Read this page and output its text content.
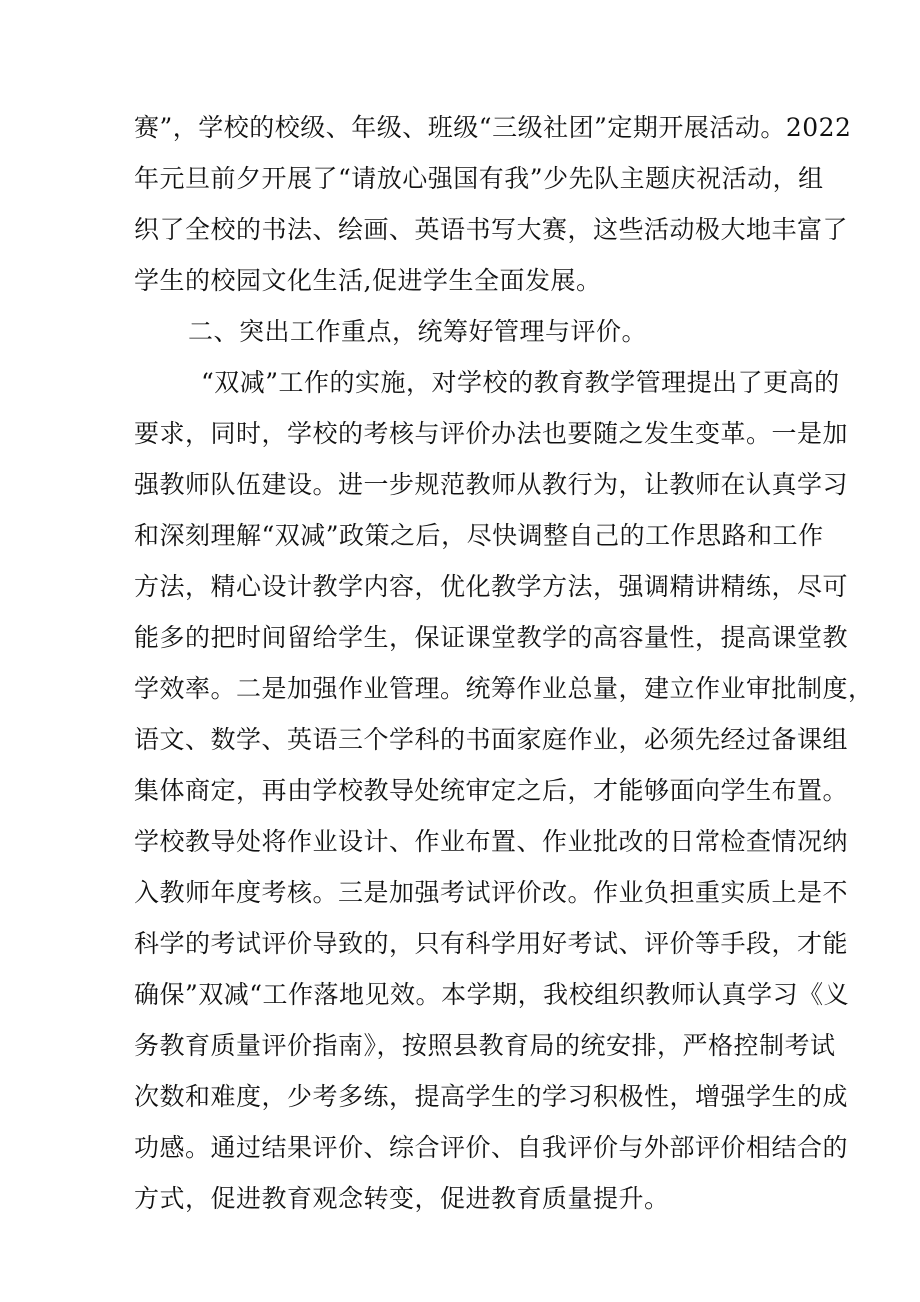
赛”，学校的校级、年级、班级“三级社团”定期开展活动。2022
年元旦前夕开展了“请放心强国有我”少先队主题庆祝活动，组
织了全校的书法、绘画、英语书写大赛，这些活动极大地丰富了
学生的校园文化生活,促进学生全面发展。
二、突出工作重点，统筹好管理与评价。
“双减”工作的实施，对学校的教育教学管理提出了更高的
要求，同时，学校的考核与评价办法也要随之发生变革。一是加
强教师队伍建设。进一步规范教师从教行为，让教师在认真学习
和深刻理解“双减”政策之后，尽快调整自己的工作思路和工作
方法，精心设计教学内容，优化教学方法，强调精讲精练，尽可
能多的把时间留给学生，保证课堂教学的高容量性，提高课堂教
学效率。二是加强作业管理。统筹作业总量，建立作业审批制度，
语文、数学、英语三个学科的书面家庭作业，必须先经过备课组
集体商定，再由学校教导处统审定之后，才能够面向学生布置。
学校教导处将作业设计、作业布置、作业批改的日常检查情况纳
入教师年度考核。三是加强考试评价改。作业负担重实质上是不
科学的考试评价导致的，只有科学用好考试、评价等手段，才能
确保”双减“工作落地见效。本学期，我校组织教师认真学习《义
务教育质量评价指南》，按照县教育局的统安排，严格控制考试
次数和难度，少考多练，提高学生的学习积极性，增强学生的成
功感。通过结果评价、综合评价、自我评价与外部评价相结合的
方式，促进教育观念转变，促进教育质量提升。
